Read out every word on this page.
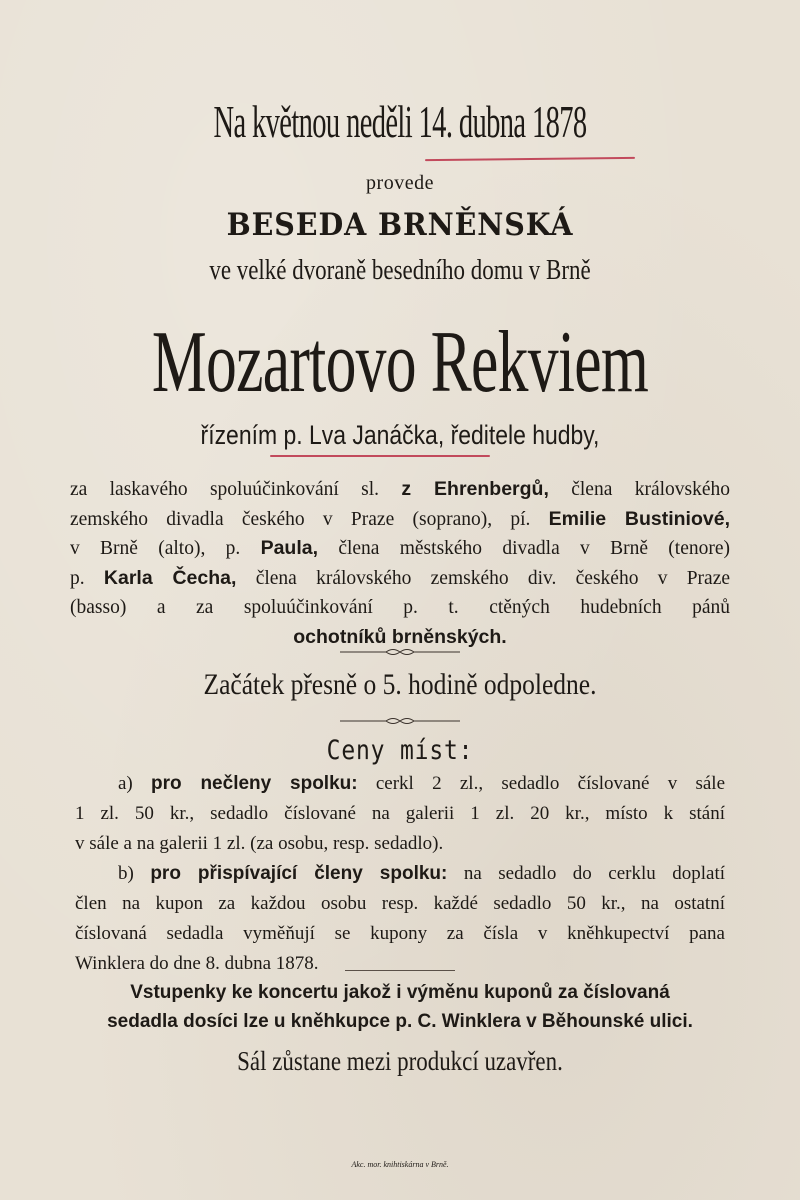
Na květnou neděli 14. dubna 1878
provede
BESEDA BRNĚNSKÁ
ve velké dvoraně besedního domu v Brně
Mozartovo Rekviem
řízením p. Lva Janáčka, ředitele hudby,
za laskavého spoluúčinkování sl. z Ehrenbergů, člena královského
zemského divadla českého v Praze (soprano), pí. Emilie Bustiniové,
v Brně (alto), p. Paula, člena městského divadla v Brně (tenore)
p. Karla Čecha, člena královského zemského div. českého v Praze
(basso) a za spoluúčinkování p. t. ctěných hudebních pánů
ochotníků brněnských.
Začátek přesně o 5. hodině odpoledne.
Ceny míst:
a) pro nečleny spolku: cerkl 2 zl., sedadlo číslované v sále
1 zl. 50 kr., sedadlo číslované na galerii 1 zl. 20 kr., místo k stání
v sále a na galerii 1 zl. (za osobu, resp. sedadlo).
b) pro přispívající členy spolku: na sedadlo do cerklu doplatí
člen na kupon za každou osobu resp. každé sedadlo 50 kr., na ostatní
číslovaná sedadla vyměňují se kupony za čísla v kněhkupectví pana
Winklera do dne 8. dubna 1878.
Vstupenky ke koncertu jakož i výměnu kuponů za číslovaná
sedadla dosíci lze u kněhkupce p. C. Winklera v Běhounské ulici.
Sál zůstane mezi produkcí uzavřen.
Akc. mor. knihtiskárna v Brně.
